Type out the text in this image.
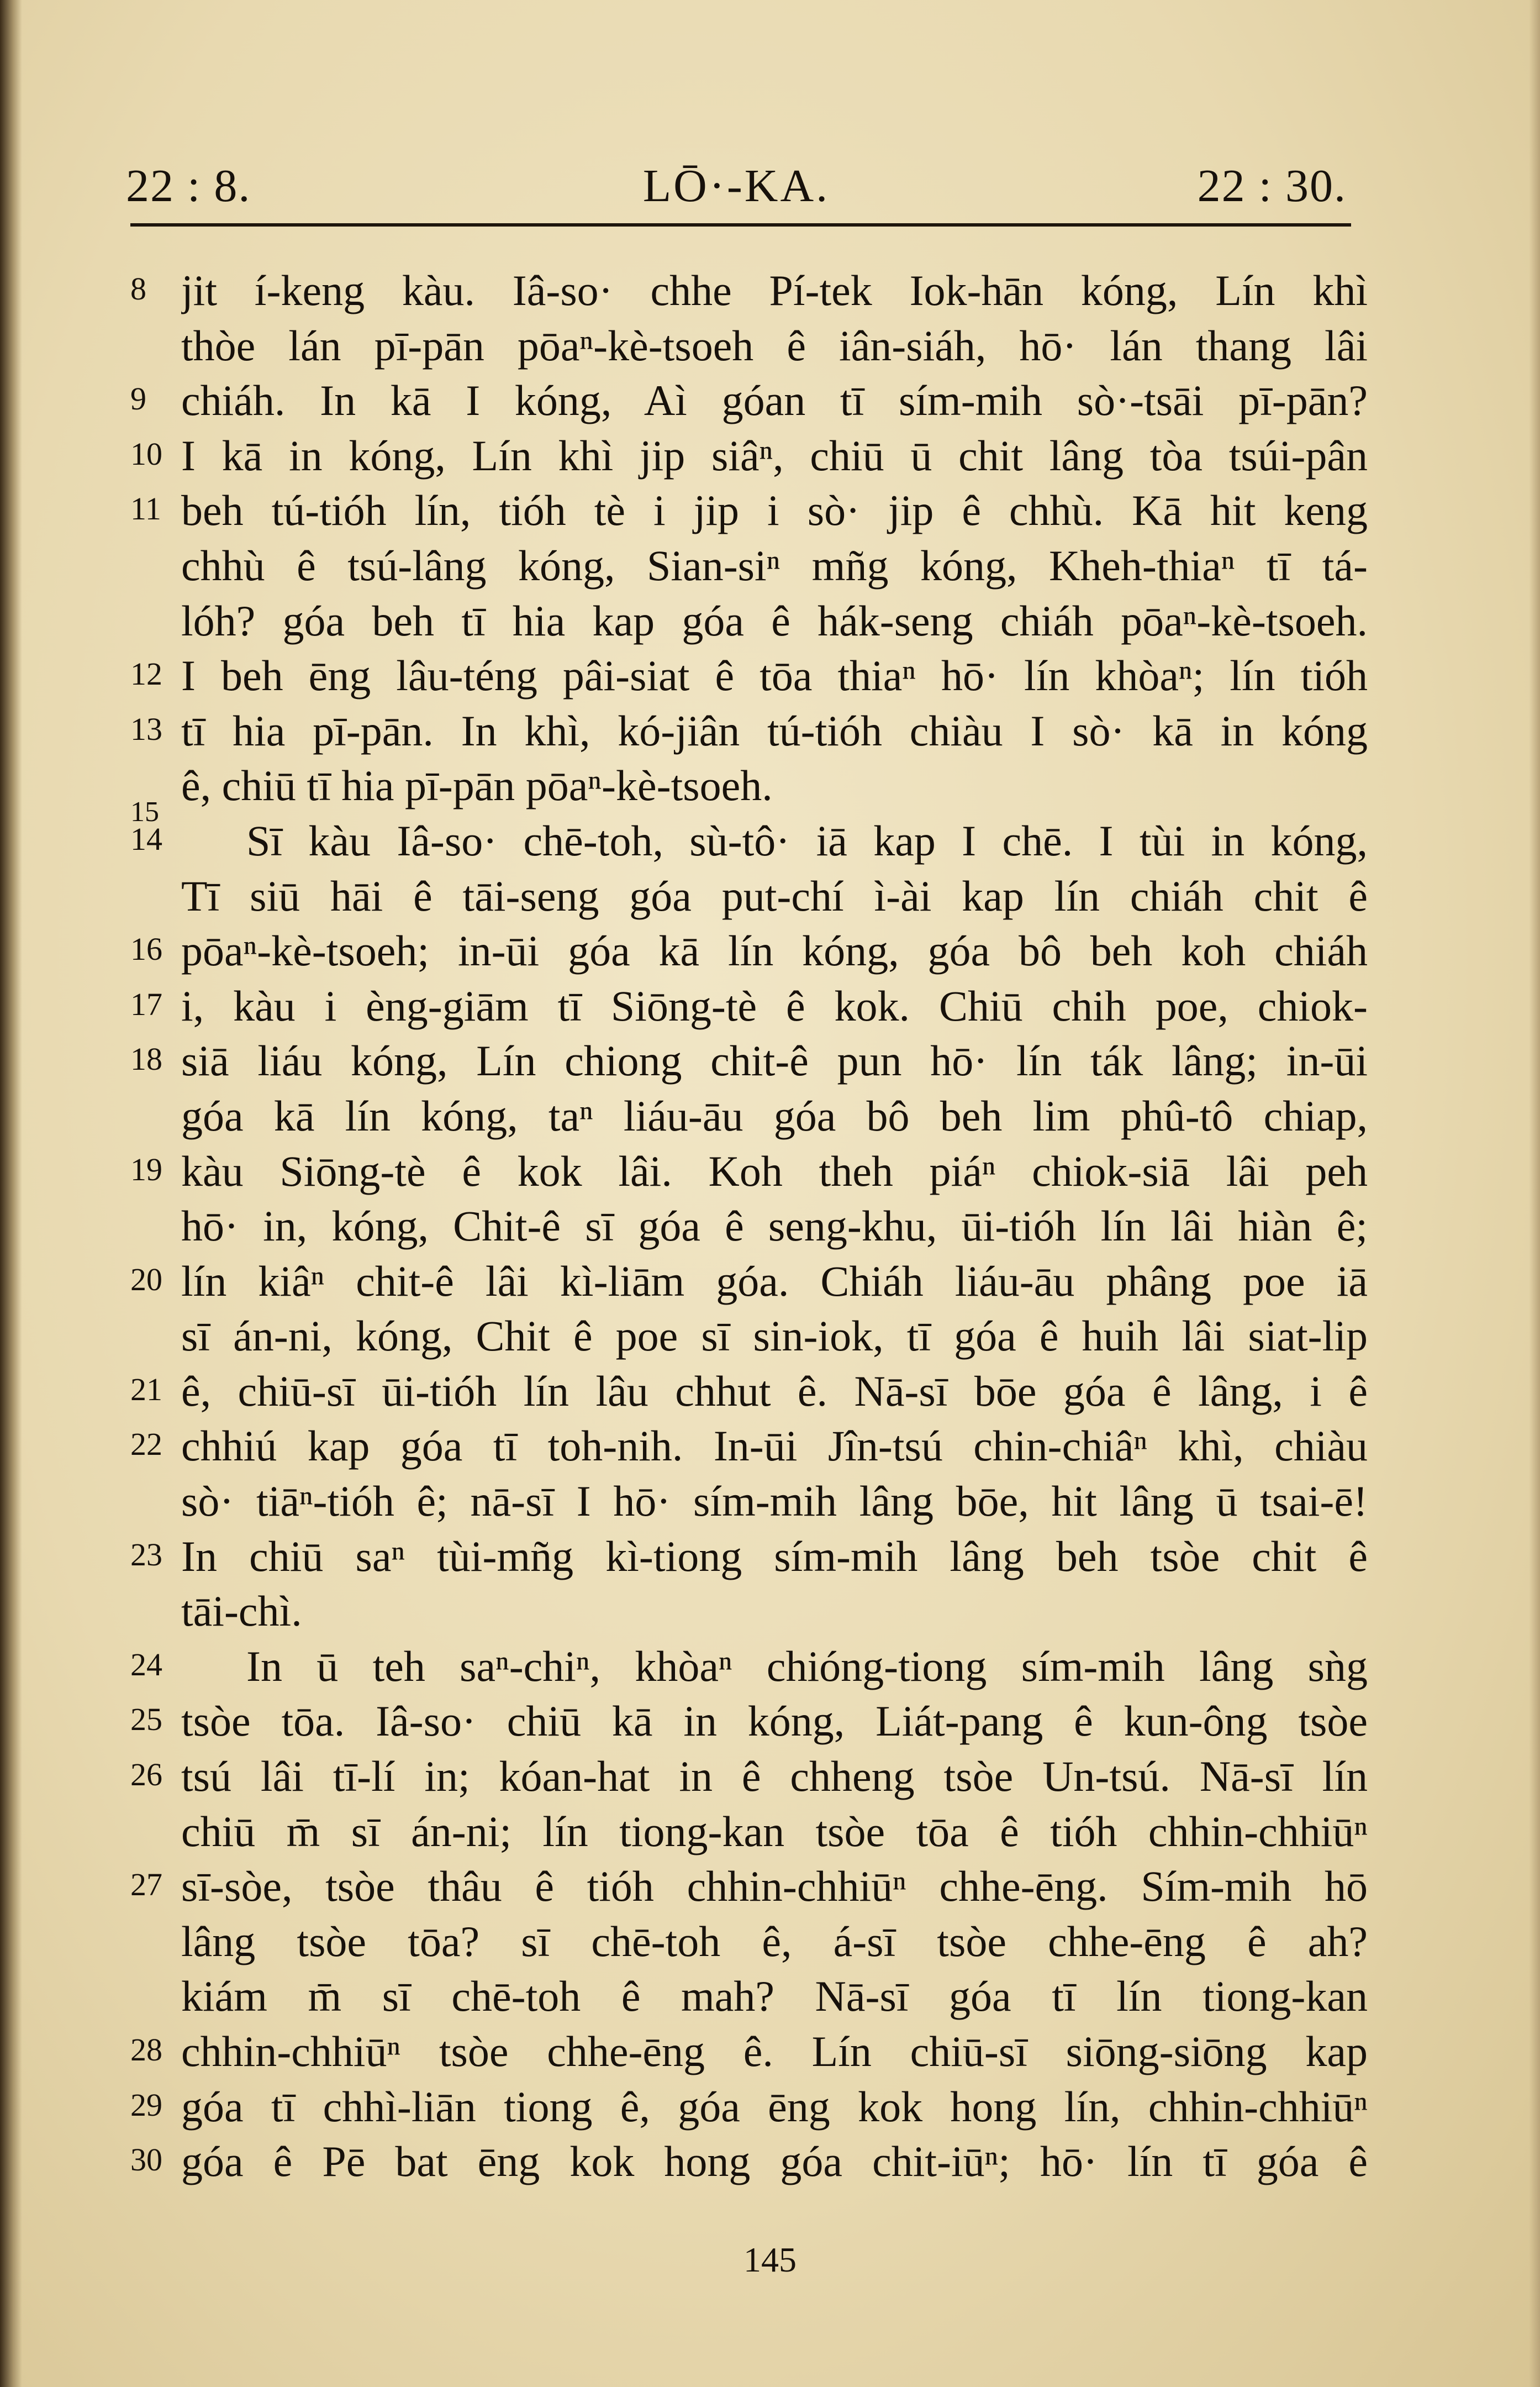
LŌ·-KA.
22 : 8.	22 : 30.
8 jit í-keng kàu. Iâ-so· chhe Pí-tek Iok-hān kóng, Lín khì
thòe lán pī-pān pōaⁿ-kè-tsoeh ê iân-siáh, hō· lán thang lâi
9 chiáh. In kā I kóng, Aì góan tī sím-mih sò·-tsāi pī-pān?
10 I kā in kóng, Lín khì jip siâⁿ, chiū ū chit lâng tòa tsúi-pân
11 beh tú-tióh lín, tióh tè i jip i sò· jip ê chhù. Kā hit keng
chhù ê tsú-lâng kóng, Sian-siⁿ mñg kóng, Kheh-thiaⁿ tī tá-
lóh? góa beh tī hia kap góa ê hák-seng chiáh pōaⁿ-kè-tsoeh.
12 I beh ēng lâu-téng pâi-siat ê tōa thiaⁿ hō· lín khòaⁿ; lín tióh
13 tī hia pī-pān. In khì, kó-jiân tú-tióh chiàu I sò· kā in kóng
ê, chiū tī hia pī-pān pōaⁿ-kè-tsoeh.
14
15
Sī kàu Iâ-so· chē-toh, sù-tô· iā kap I chē. I tùi in kóng,
Tī siū hāi ê tāi-seng góa put-chí ì-ài kap lín chiáh chit ê
16 pōaⁿ-kè-tsoeh; in-ūi góa kā lín kóng, góa bô beh koh chiáh
17 i, kàu i èng-giām tī Siōng-tè ê kok. Chiū chih poe, chiok-
18 siā liáu kóng, Lín chiong chit-ê pun hō· lín ták lâng; in-ūi
góa kā lín kóng, taⁿ liáu-āu góa bô beh lim phû-tô chiap,
19 kàu Siōng-tè ê kok lâi. Koh theh piáⁿ chiok-siā lâi peh
hō· in, kóng, Chit-ê sī góa ê seng-khu, ūi-tióh lín lâi hiàn ê;
20 lín kiâⁿ chit-ê lâi kì-liām góa. Chiáh liáu-āu phâng poe iā
sī án-ni, kóng, Chit ê poe sī sin-iok, tī góa ê huih lâi siat-lip
21 ê, chiū-sī ūi-tióh lín lâu chhut ê. Nā-sī bōe góa ê lâng, i ê
22 chhiú kap góa tī toh-nih. In-ūi Jîn-tsú chin-chiâⁿ khì, chiàu
sò· tiāⁿ-tióh ê; nā-sī I hō· sím-mih lâng bōe, hit lâng ū tsai-ē!
23 In chiū saⁿ tùi-mñg kì-tiong sím-mih lâng beh tsòe chit ê
tāi-chì.
24 In ū teh saⁿ-chiⁿ, khòaⁿ chióng-tiong sím-mih lâng sǹg
25 tsòe tōa. Iâ-so· chiū kā in kóng, Liát-pang ê kun-ông tsòe
26 tsú lâi tī-lí in; kóan-hat in ê chheng tsòe Un-tsú. Nā-sī lín
chiū m̄ sī án-ni; lín tiong-kan tsòe tōa ê tióh chhin-chhiūⁿ
27 sī-sòe, tsòe thâu ê tióh chhin-chhiūⁿ chhe-ēng. Sím-mih hō
lâng tsòe tōa? sī chē-toh ê, á-sī tsòe chhe-ēng ê ah?
kiám m̄ sī chē-toh ê mah? Nā-sī góa tī lín tiong-kan
28 chhin-chhiūⁿ tsòe chhe-ēng ê. Lín chiū-sī siōng-siōng kap
29 góa tī chhì-liān tiong ê, góa ēng kok hong lín, chhin-chhiūⁿ
30 góa ê Pē bat ēng kok hong góa chit-iūⁿ; hō· lín tī góa ê
145
